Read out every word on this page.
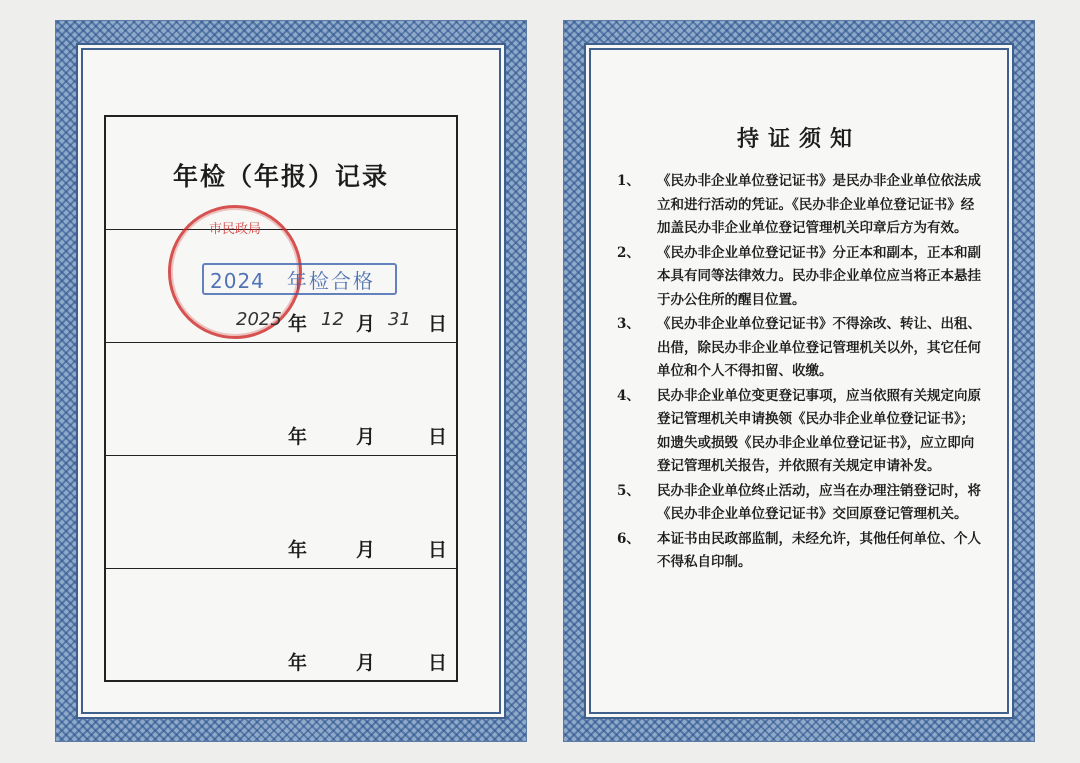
年检（年报）记录
市民政局
2024 年检合格
2025 年 12 月 31 日
年	月	日
年	月	日
年	月	日
持证须知
1、 《民办非企业单位登记证书》是民办非企业单位依法成立和进行活动的凭证。《民办非企业单位登记证书》经加盖民办非企业单位登记管理机关印章后方为有效。
2、 《民办非企业单位登记证书》分正本和副本，正本和副本具有同等法律效力。民办非企业单位应当将正本悬挂于办公住所的醒目位置。
3、 《民办非企业单位登记证书》不得涂改、转让、出租、出借，除民办非企业单位登记管理机关以外，其它任何单位和个人不得扣留、收缴。
4、 民办非企业单位变更登记事项，应当依照有关规定向原登记管理机关申请换领《民办非企业单位登记证书》；如遗失或损毁《民办非企业单位登记证书》，应立即向登记管理机关报告，并依照有关规定申请补发。
5、 民办非企业单位终止活动，应当在办理注销登记时，将《民办非企业单位登记证书》交回原登记管理机关。
6、 本证书由民政部监制，未经允许，其他任何单位、个人不得私自印制。
